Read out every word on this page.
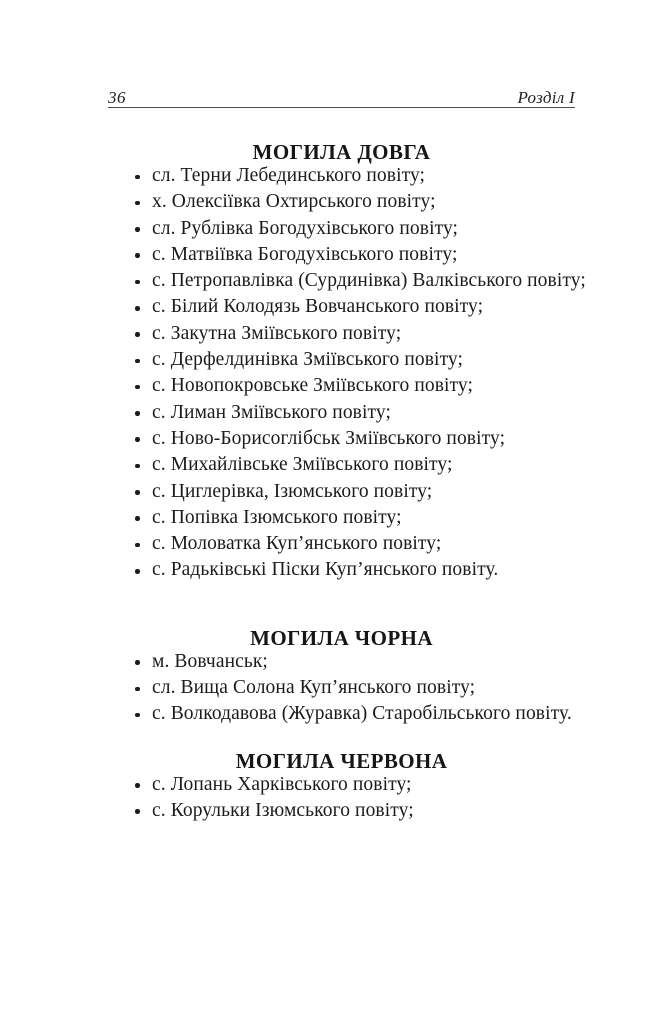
36	Розділ I
МОГИЛА ДОВГА
сл. Терни Лебединського повіту;
х. Олексіївка Охтирського повіту;
сл. Рублівка Богодухівського повіту;
с. Матвіївка Богодухівського повіту;
с. Петропавлівка (Сурдинівка) Валківського повіту;
с. Білий Колодязь Вовчанського повіту;
с. Закутна Зміївського повіту;
с. Дерфелдинівка Зміївського повіту;
с. Новопокровське Зміївського повіту;
с. Лиман Зміївського повіту;
с. Ново-Борисоглібськ Зміївського повіту;
с. Михайлівське Зміївського повіту;
с. Циглерівка, Ізюмського повіту;
с. Попівка Ізюмського повіту;
с. Моловатка Куп’янського повіту;
с. Радьківські Піски Куп’янського повіту.
МОГИЛА ЧОРНА
м. Вовчанськ;
сл. Вища Солона Куп’янського повіту;
с. Волкодавова (Журавка) Старобільського повіту.
МОГИЛА ЧЕРВОНА
с. Лопань Харківського повіту;
с. Корульки Ізюмського повіту;
